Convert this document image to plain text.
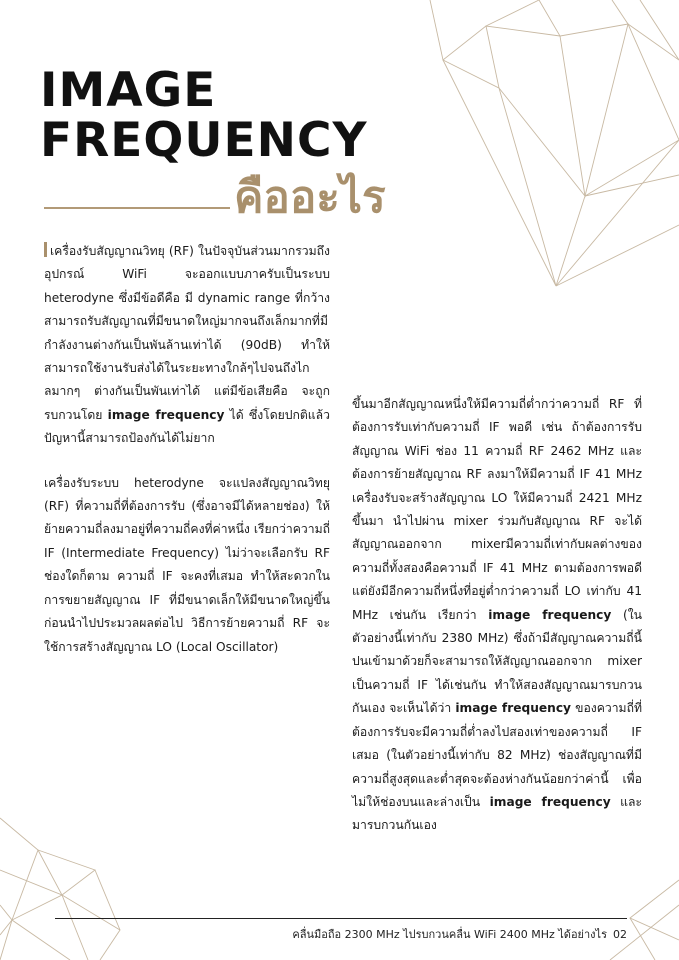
IMAGE
FREQUENCY
คืออะไร

เครื่องรับสัญญาณวิทยุ (RF) ในปัจจุบันส่วนมากรวมถึงอุปกรณ์ WiFi จะออกแบบภาครับเป็นระบบ heterodyne ซึ่งมีข้อดีคือ มี dynamic range ที่กว้าง สามารถรับสัญญาณที่มีขนาดใหญ่มากจนถึงเล็กมากที่มีกำลังงานต่างกันเป็นพันล้านเท่าได้ (90dB) ทำให้สามารถใช้งานรับส่งได้ในระยะทางใกล้ๆไปจนถึงไกลมากๆ ต่างกันเป็นพันเท่าได้ แต่มีข้อเสียคือ จะถูกรบกวนโดย image frequency ได้ ซึ่งโดยปกติแล้วปัญหานี้สามารถป้องกันได้ไม่ยาก

เครื่องรับระบบ heterodyne จะแปลงสัญญาณวิทยุ (RF) ที่ความถี่ที่ต้องการรับ (ซึ่งอาจมีได้หลายช่อง) ให้ย้ายความถี่ลงมาอยู่ที่ความถี่คงที่ค่าหนึ่ง เรียกว่าความถี่ IF (Intermediate Frequency) ไม่ว่าจะเลือกรับ RF ช่องใดก็ตาม ความถี่ IF จะคงที่เสมอ ทำให้สะดวกในการขยายสัญญาณ IF ที่มีขนาดเล็กให้มีขนาดใหญ่ขึ้น ก่อนนำไปประมวลผลต่อไป วิธีการย้ายความถี่ RF จะใช้การสร้างสัญญาณ LO (Local Oscillator)

ขึ้นมาอีกสัญญาณหนึ่งให้มีความถี่ต่ำกว่าความถี่ RF ที่ต้องการรับเท่ากับความถี่ IF พอดี เช่น ถ้าต้องการรับสัญญาณ WiFi ช่อง 11 ความถี่ RF 2462 MHz และต้องการย้ายสัญญาณ RF ลงมาให้มีความถี่ IF 41 MHz เครื่องรับจะสร้างสัญญาณ LO ให้มีความถี่ 2421 MHz ขึ้นมา นำไปผ่าน mixer ร่วมกับสัญญาณ RF จะได้สัญญาณออกจาก mixerมีความถี่เท่ากับผลต่างของความถี่ทั้งสองคือความถี่ IF 41 MHz ตามต้องการพอดี แต่ยังมีอีกความถี่หนึ่งที่อยู่ต่ำกว่าความถี่ LO เท่ากับ 41 MHz เช่นกัน เรียกว่า image frequency (ในตัวอย่างนี้เท่ากับ 2380 MHz) ซึ่งถ้ามีสัญญาณความถี่นี้ปนเข้ามาด้วยก็จะสามารถให้สัญญาณออกจาก mixer เป็นความถี่ IF ได้เช่นกัน ทำให้สองสัญญาณมารบกวนกันเอง จะเห็นได้ว่า image frequency ของความถี่ที่ต้องการรับจะมีความถี่ต่ำลงไปสองเท่าของความถี่ IF เสมอ (ในตัวอย่างนี้เท่ากับ 82 MHz) ช่องสัญญาณที่มีความถี่สูงสุดและต่ำสุดจะต้องห่างกันน้อยกว่าค่านี้ เพื่อไม่ให้ช่องบนและล่างเป็น image frequency และมารบกวนกันเอง

คลื่นมือถือ 2300 MHz ไปรบกวนคลื่น WiFi 2400 MHz ได้อย่างไร 02
